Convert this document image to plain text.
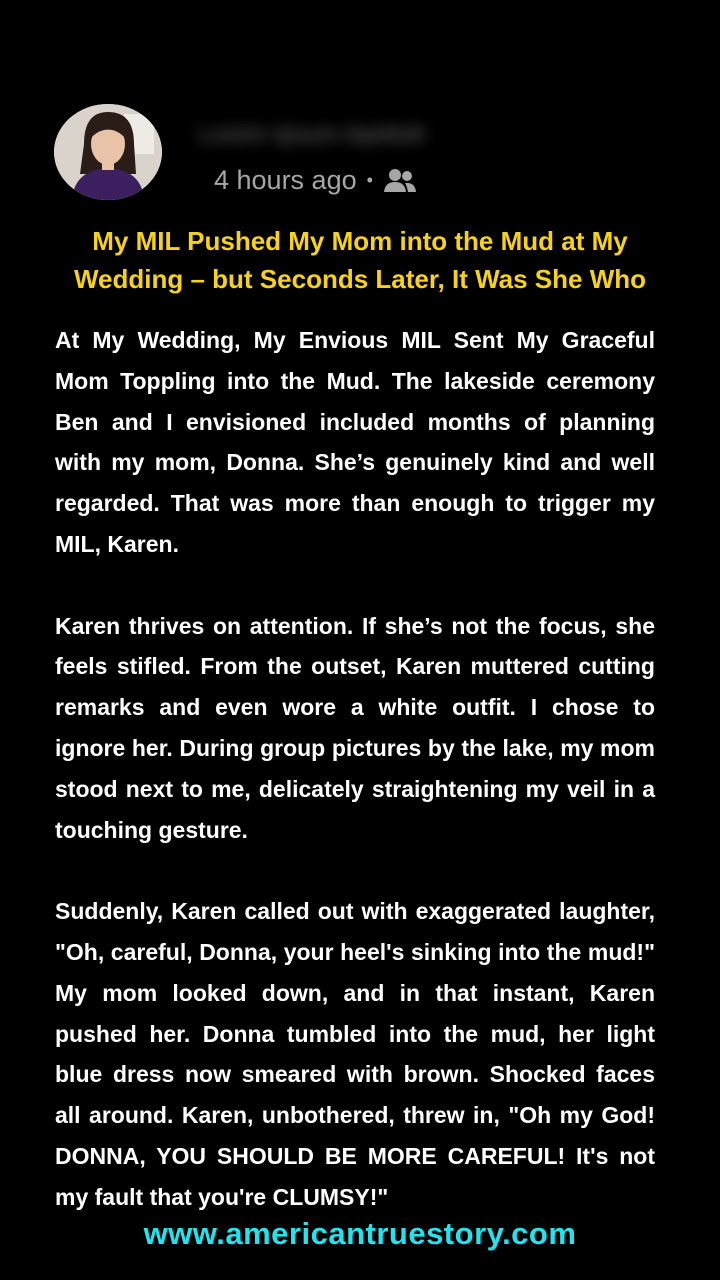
Lorem Ipsum Apeltolt
4 hours ago •
My MIL Pushed My Mom into the Mud at My Wedding – but Seconds Later, It Was She Who

At My Wedding, My Envious MIL Sent My Graceful Mom Toppling into the Mud. The lakeside ceremony Ben and I envisioned included months of planning with my mom, Donna. She’s genuinely kind and well regarded. That was more than enough to trigger my MIL, Karen.

Karen thrives on attention. If she’s not the focus, she feels stifled. From the outset, Karen muttered cutting remarks and even wore a white outfit. I chose to ignore her. During group pictures by the lake, my mom stood next to me, delicately straightening my veil in a touching gesture.

Suddenly, Karen called out with exaggerated laughter, "Oh, careful, Donna, your heel's sinking into the mud!" My mom looked down, and in that instant, Karen pushed her. Donna tumbled into the mud, her light blue dress now smeared with brown. Shocked faces all around. Karen, unbothered, threw in, "Oh my God! DONNA, YOU SHOULD BE MORE CAREFUL! It's not my fault that you're CLUMSY!"

www.americantruestory.com
